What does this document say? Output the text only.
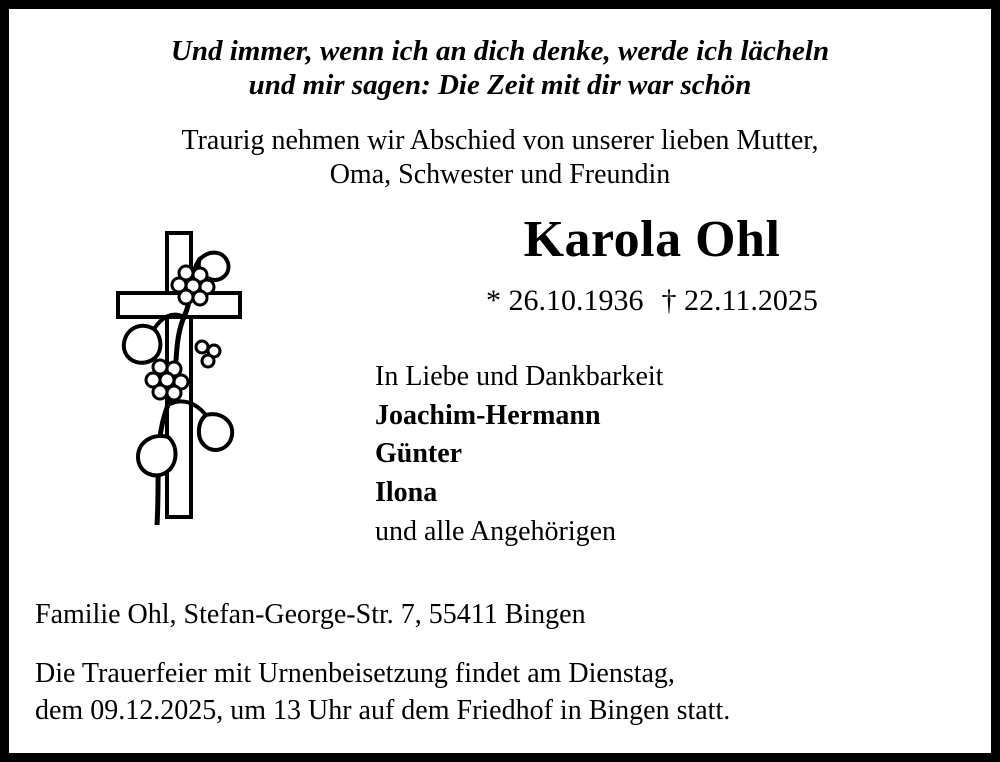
Und immer, wenn ich an dich denke, werde ich lächeln
und mir sagen: Die Zeit mit dir war schön
Traurig nehmen wir Abschied von unserer lieben Mutter,
Oma, Schwester und Freundin
Karola Ohl
* 26.10.1936 † 22.11.2025
In Liebe und Dankbarkeit
Joachim-Hermann
Günter
Ilona
und alle Angehörigen
Familie Ohl, Stefan-George-Str. 7, 55411 Bingen
Die Trauerfeier mit Urnenbeisetzung findet am Dienstag,
dem 09.12.2025, um 13 Uhr auf dem Friedhof in Bingen statt.
